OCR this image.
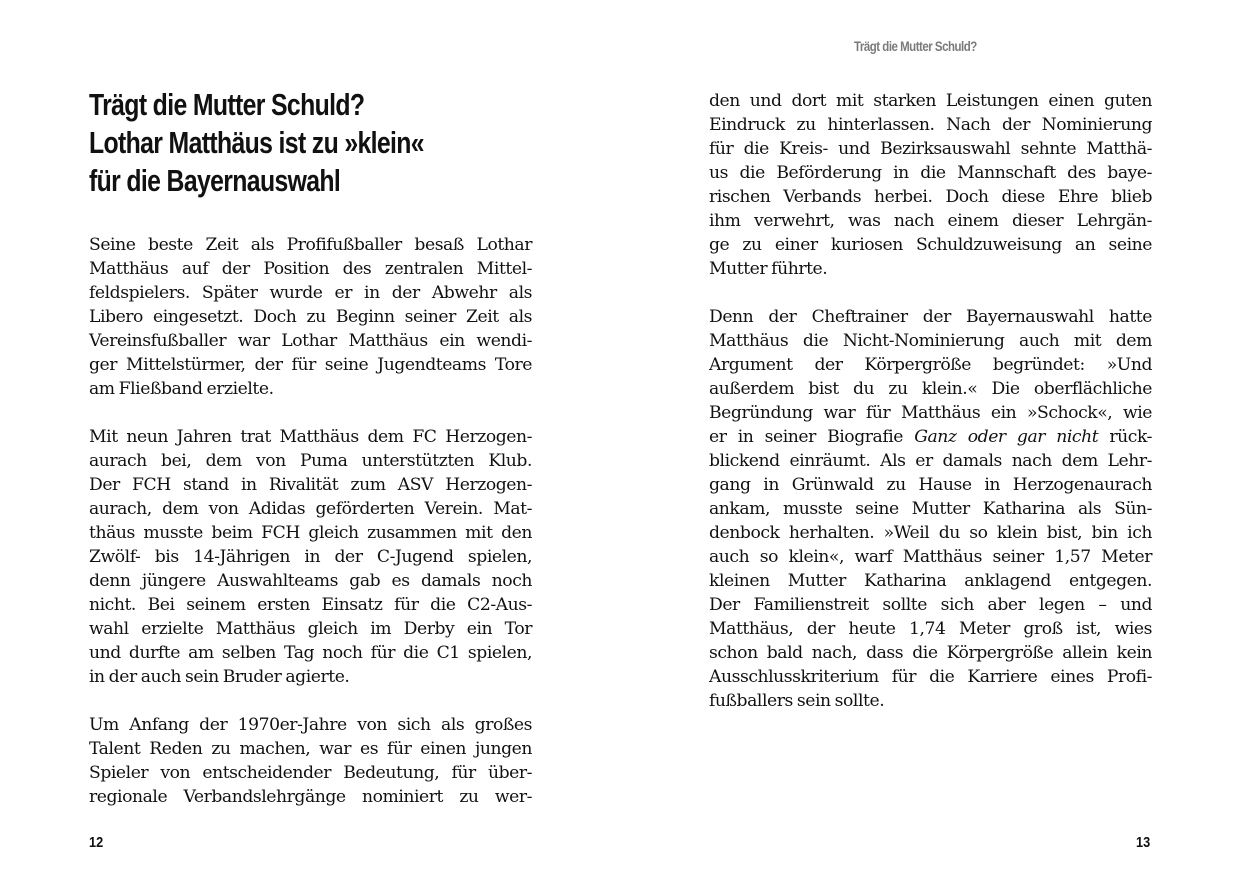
Trägt die Mutter Schuld?
Lothar Matthäus ist zu »klein«
für die Bayernauswahl

Seine beste Zeit als Profifußballer besaß Lothar
Matthäus auf der Position des zentralen Mittel-
feldspielers. Später wurde er in der Abwehr als
Libero eingesetzt. Doch zu Beginn seiner Zeit als
Vereinsfußballer war Lothar Matthäus ein wendi-
ger Mittelstürmer, der für seine Jugendteams Tore
am Fließband erzielte.

Mit neun Jahren trat Matthäus dem FC Herzogen-
aurach bei, dem von Puma unterstützten Klub.
Der FCH stand in Rivalität zum ASV Herzogen-
aurach, dem von Adidas geförderten Verein. Mat-
thäus musste beim FCH gleich zusammen mit den
Zwölf- bis 14-Jährigen in der C-Jugend spielen,
denn jüngere Auswahlteams gab es damals noch
nicht. Bei seinem ersten Einsatz für die C2-Aus-
wahl erzielte Matthäus gleich im Derby ein Tor
und durfte am selben Tag noch für die C1 spielen,
in der auch sein Bruder agierte.

Um Anfang der 1970er-Jahre von sich als großes
Talent Reden zu machen, war es für einen jungen
Spieler von entscheidender Bedeutung, für über-
regionale Verbandslehrgänge nominiert zu wer-

12
Trägt die Mutter Schuld?

den und dort mit starken Leistungen einen guten
Eindruck zu hinterlassen. Nach der Nominierung
für die Kreis- und Bezirksauswahl sehnte Matthä-
us die Beförderung in die Mannschaft des baye-
rischen Verbands herbei. Doch diese Ehre blieb
ihm verwehrt, was nach einem dieser Lehrgän-
ge zu einer kuriosen Schuldzuweisung an seine
Mutter führte.

Denn der Cheftrainer der Bayernauswahl hatte
Matthäus die Nicht-Nominierung auch mit dem
Argument der Körpergröße begründet: »Und
außerdem bist du zu klein.« Die oberflächliche
Begründung war für Matthäus ein »Schock«, wie
er in seiner Biografie Ganz oder gar nicht rück-
blickend einräumt. Als er damals nach dem Lehr-
gang in Grünwald zu Hause in Herzogenaurach
ankam, musste seine Mutter Katharina als Sün-
denbock herhalten. »Weil du so klein bist, bin ich
auch so klein«, warf Matthäus seiner 1,57 Meter
kleinen Mutter Katharina anklagend entgegen.
Der Familienstreit sollte sich aber legen – und
Matthäus, der heute 1,74 Meter groß ist, wies
schon bald nach, dass die Körpergröße allein kein
Ausschlusskriterium für die Karriere eines Profi-
fußballers sein sollte.

13
